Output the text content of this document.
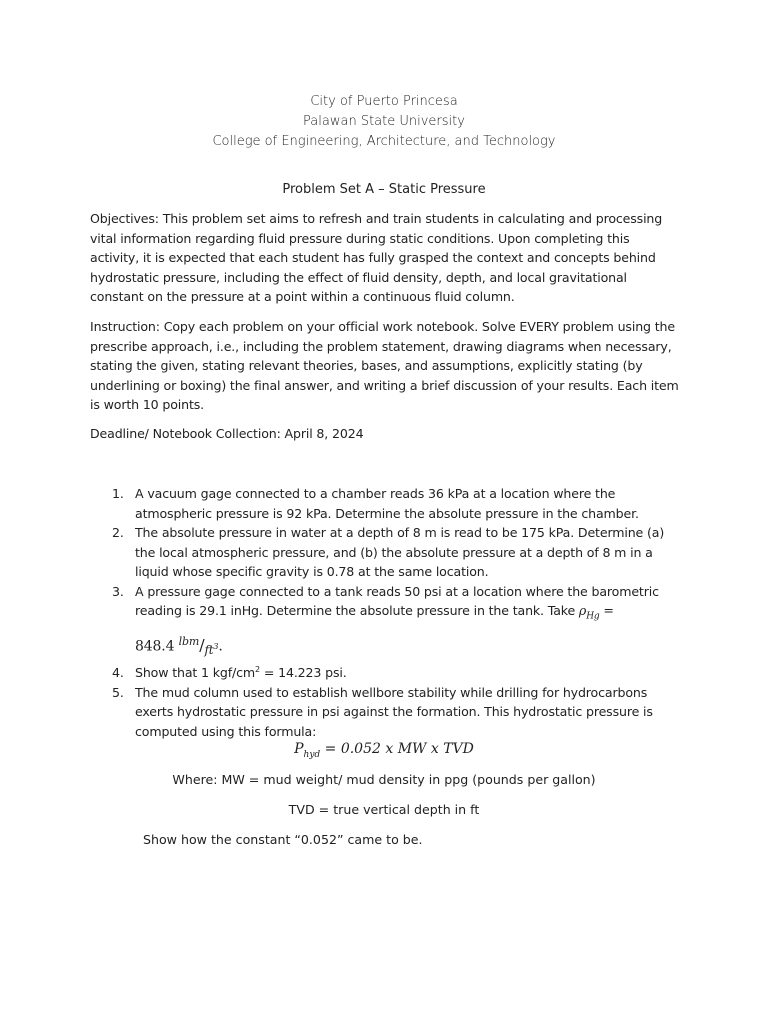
City of Puerto Princesa
Palawan State University
College of Engineering, Architecture, and Technology
Problem Set A – Static Pressure
Objectives: This problem set aims to refresh and train students in calculating and processing vital information regarding fluid pressure during static conditions. Upon completing this activity, it is expected that each student has fully grasped the context and concepts behind hydrostatic pressure, including the effect of fluid density, depth, and local gravitational constant on the pressure at a point within a continuous fluid column.
Instruction: Copy each problem on your official work notebook. Solve EVERY problem using the prescribe approach, i.e., including the problem statement, drawing diagrams when necessary, stating the given, stating relevant theories, bases, and assumptions, explicitly stating (by underlining or boxing) the final answer, and writing a brief discussion of your results. Each item is worth 10 points.
Deadline/ Notebook Collection: April 8, 2024
1. A vacuum gage connected to a chamber reads 36 kPa at a location where the atmospheric pressure is 92 kPa. Determine the absolute pressure in the chamber.
2. The absolute pressure in water at a depth of 8 m is read to be 175 kPa. Determine (a) the local atmospheric pressure, and (b) the absolute pressure at a depth of 8 m in a liquid whose specific gravity is 0.78 at the same location.
3. A pressure gage connected to a tank reads 50 psi at a location where the barometric reading is 29.1 inHg. Determine the absolute pressure in the tank. Take $\rho_{Hg}$ =
848.4 $^{lbm}/_{ft^3}$.
4. Show that 1 kgf/$cm^2 = 14.223$ psi.
5. The mud column used to establish wellbore stability while drilling for hydrocarbons exerts hydrostatic pressure in psi against the formation. This hydrostatic pressure is computed using this formula:
$P_{hyd} = 0.052$ x MW x TVD
Where: MW = mud weight/ mud density in ppg (pounds per gallon)
TVD = true vertical depth in ft
Show how the constant “0.052” came to be.
